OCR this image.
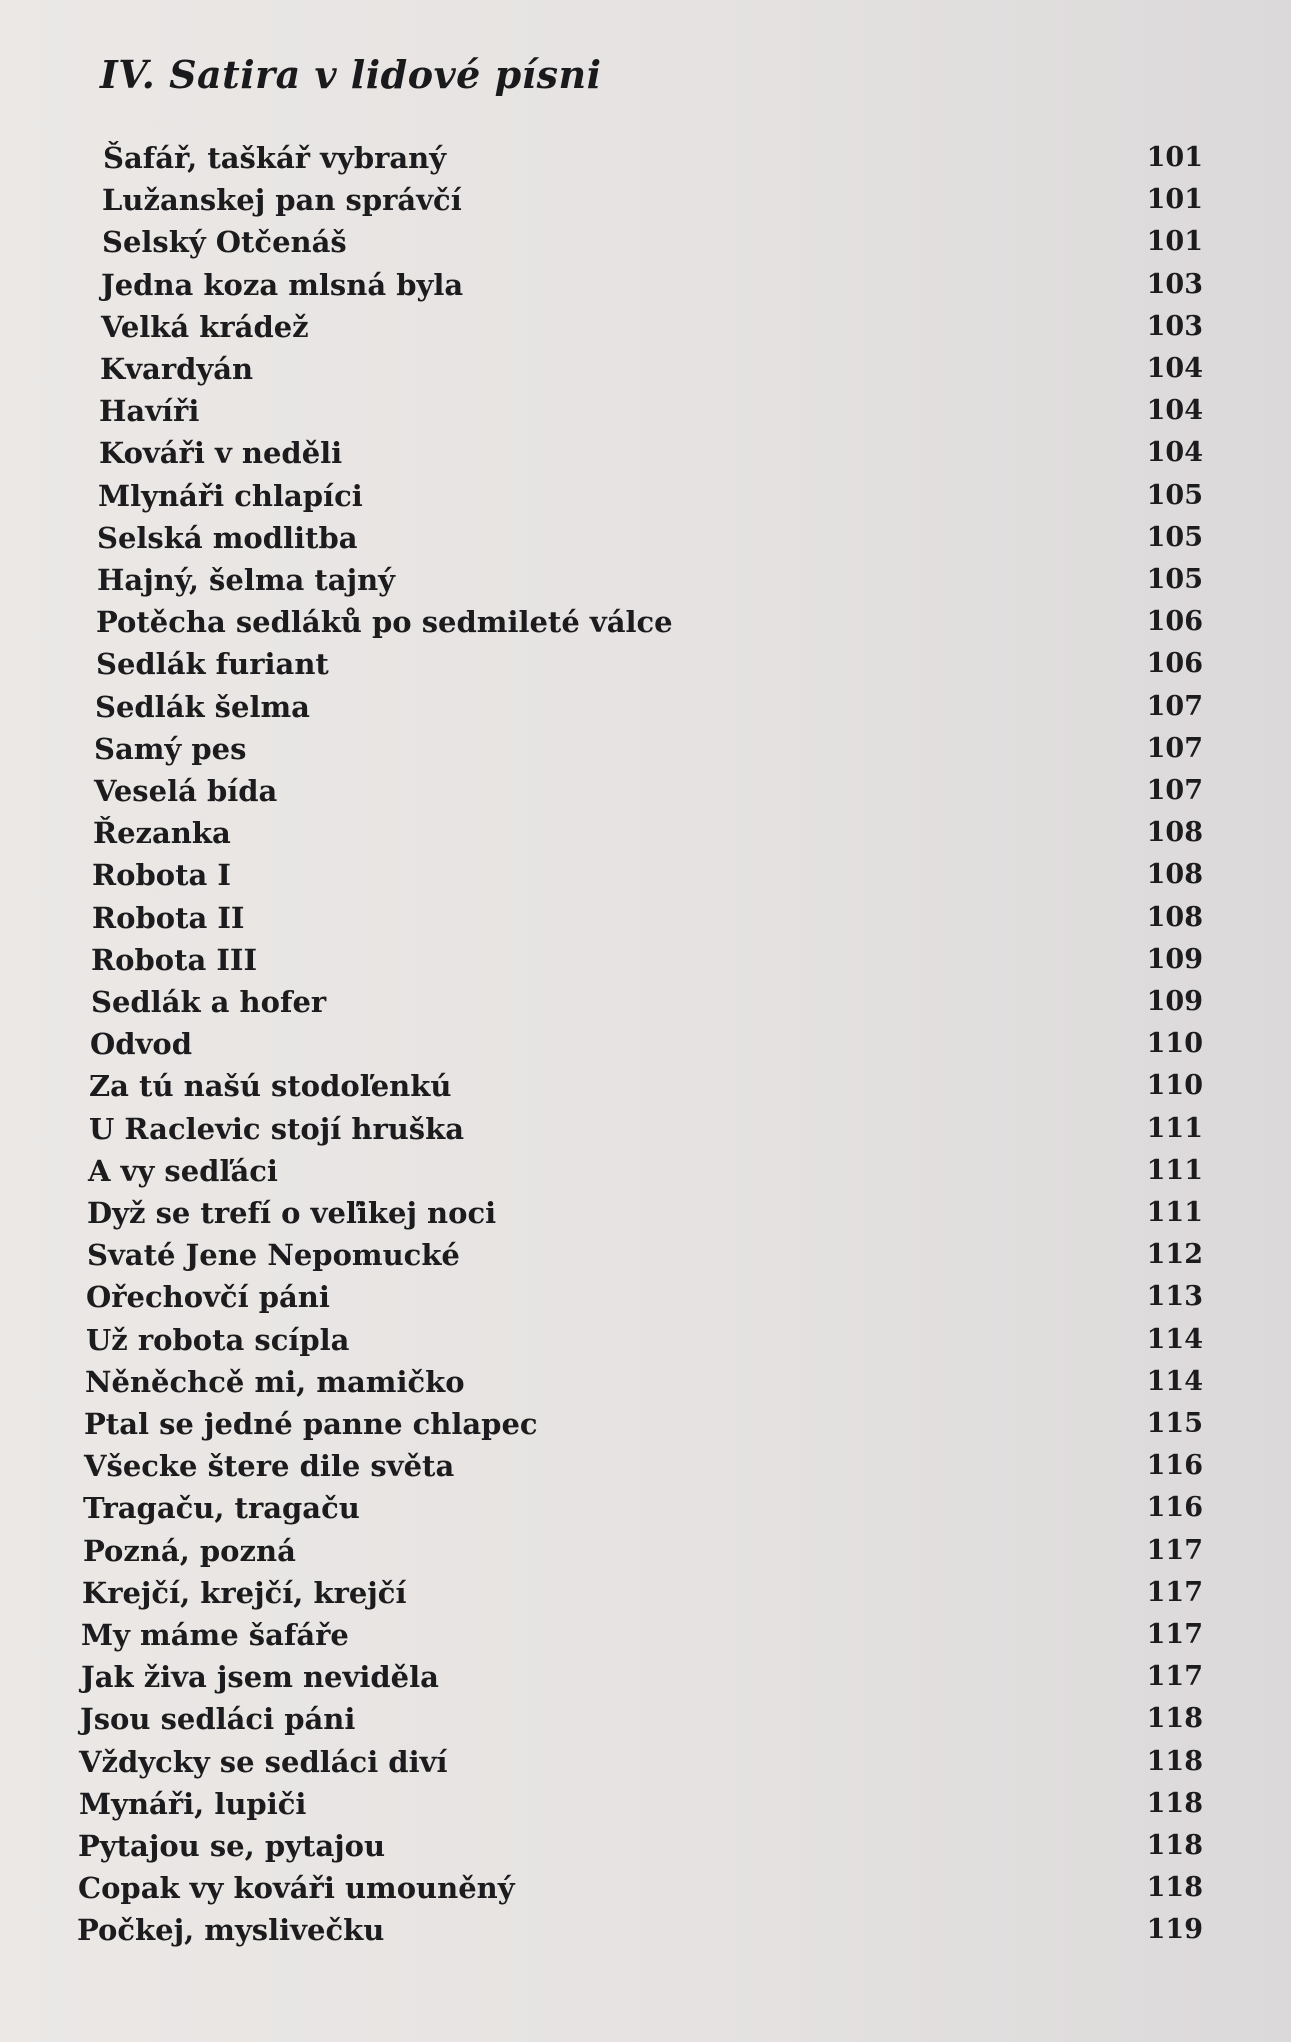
IV. Satira v lidové písni
Šafář, taškář vybraný	101
Lužanskej pan správčí	101
Selský Otčenáš	101
Jedna koza mlsná byla	103
Velká krádež	103
Kvardyán	104
Havíři	104
Kováři v neděli	104
Mlynáři chlapíci	105
Selská modlitba	105
Hajný, šelma tajný	105
Potěcha sedláků po sedmileté válce	106
Sedlák furiant	106
Sedlák šelma	107
Samý pes	107
Veselá bída	107
Řezanka	108
Robota I	108
Robota II	108
Robota III	109
Sedlák a hofer	109
Odvod	110
Za tú našú stodoľenkú	110
U Raclevic stojí hruška	111
A vy sedľáci	111
Dyž se trefí o veľikej noci	111
Svaté Jene Nepomucké	112
Ořechovčí páni	113
Už robota scípla	114
Něněchcě mi, mamičko	114
Ptal se jedné panne chlapec	115
Všecke štere dile světa	116
Tragaču, tragaču	116
Pozná, pozná	117
Krejčí, krejčí, krejčí	117
My máme šafáře	117
Jak živa jsem neviděla	117
Jsou sedláci páni	118
Vždycky se sedláci diví	118
Mynáři, lupiči	118
Pytajou se, pytajou	118
Copak vy kováři umouněný	118
Počkej, myslivečku	119
